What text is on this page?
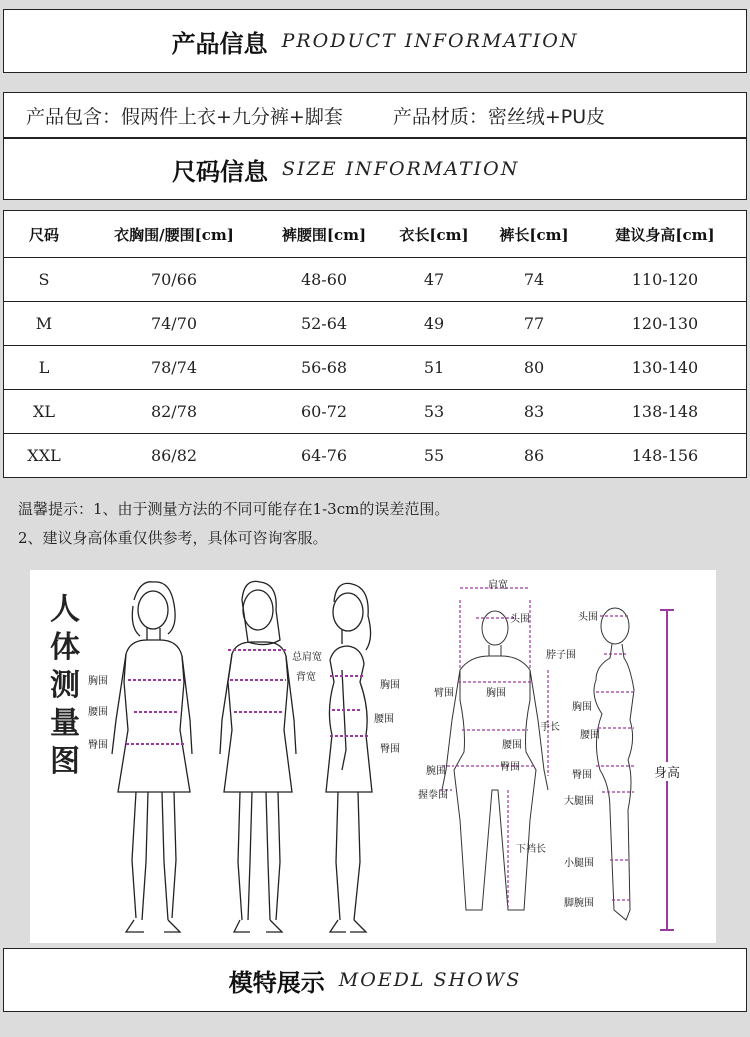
产品信息 PRODUCT INFORMATION
产品包含：假两件上衣+九分裤+脚套	产品材质：密丝绒+PU皮
尺码信息 SIZE INFORMATION
尺码	衣胸围/腰围[cm]	裤腰围[cm]	衣长[cm]	裤长[cm]	建议身高[cm]
S	70/66	48-60	47	74	110-120
M	74/70	52-64	49	77	120-130
L	78/74	56-68	51	80	130-140
XL	82/78	60-72	53	83	138-148
XXL	86/82	64-76	55	86	148-156
温馨提示：1、由于测量方法的不同可能存在1-3cm的误差范围。
2、建议身高体重仅供参考，具体可咨询客服。
人
体
测
量
图
胸围
腰围
臀围
总肩宽
背宽
胸围
腰围
臀围
肩宽
头围
脖子围
臂围	胸围
手长
腰围
臀围
腕围
握拳围
下裆长
头围
胸围
腰围
臀围
大腿围
小腿围
脚腕围
身高
模特展示 MOEDL SHOWS
